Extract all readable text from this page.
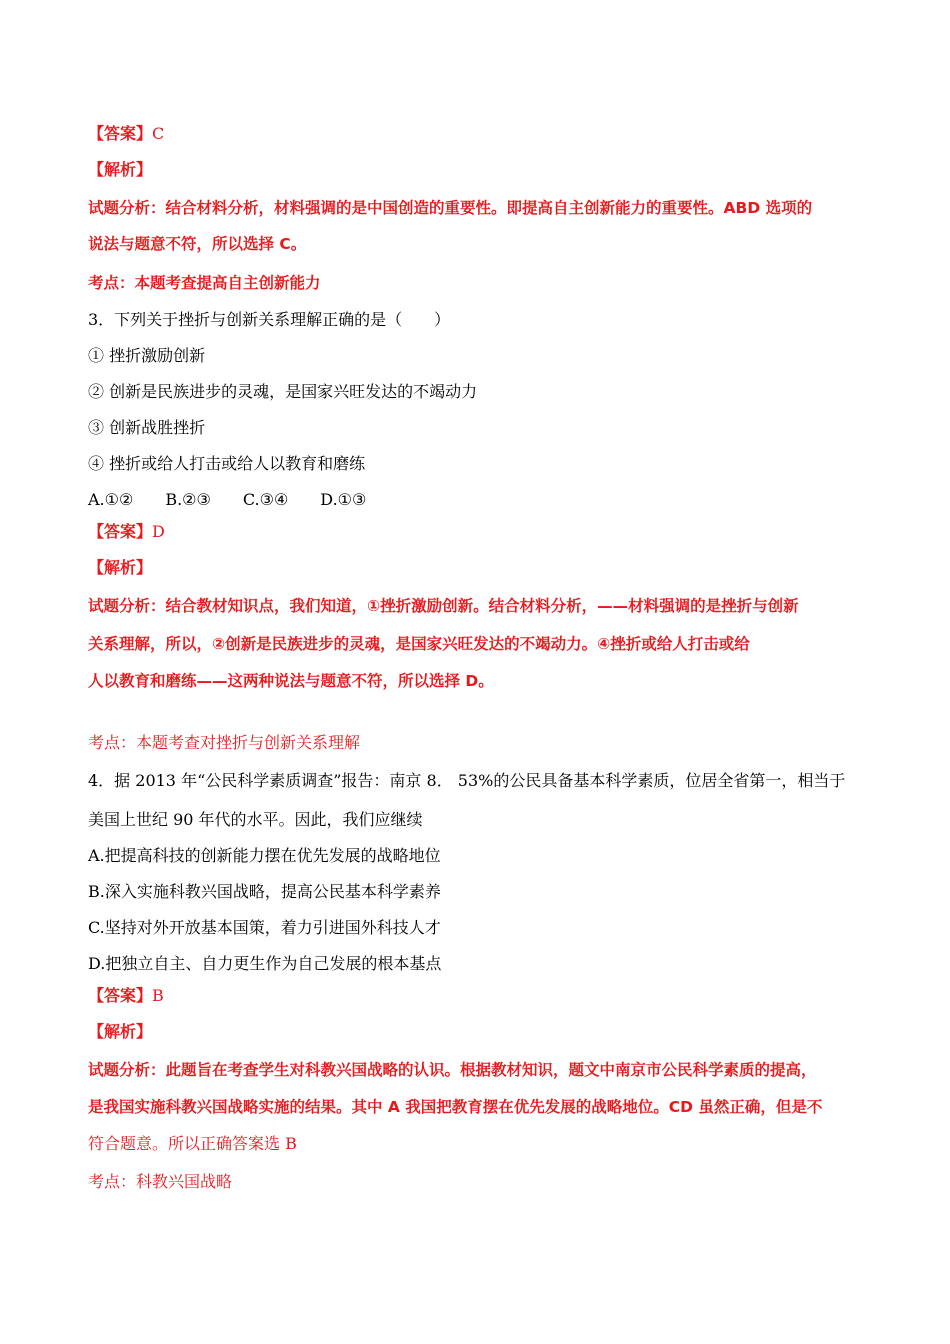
【答案】C
【解析】
试题分析：结合材料分析，材料强调的是中国创造的重要性。即提高自主创新能力的重要性。ABD 选项的
说法与题意不符，所以选择 C。
考点：本题考查提高自主创新能力
3．下列关于挫折与创新关系理解正确的是（　　）
① 挫折激励创新
② 创新是民族进步的灵魂，是国家兴旺发达的不竭动力
③ 创新战胜挫折
④ 挫折或给人打击或给人以教育和磨练
A.①②　　B.②③　　C.③④　　D.①③
【答案】D
【解析】
试题分析：结合教材知识点，我们知道，①挫折激励创新。结合材料分析，——材料强调的是挫折与创新
关系理解，所以，②创新是民族进步的灵魂，是国家兴旺发达的不竭动力。④挫折或给人打击或给
人以教育和磨练——这两种说法与题意不符，所以选择 D。
考点：本题考查对挫折与创新关系理解
4．据 2013 年“公民科学素质调查”报告：南京 8． 53%的公民具备基本科学素质，位居全省第一，相当于
美国上世纪 90 年代的水平。因此，我们应继续
A.把提高科技的创新能力摆在优先发展的战略地位
B.深入实施科教兴国战略，提高公民基本科学素养
C.坚持对外开放基本国策，着力引进国外科技人才
D.把独立自主、自力更生作为自己发展的根本基点
【答案】B
【解析】
试题分析：此题旨在考查学生对科教兴国战略的认识。根据教材知识，题文中南京市公民科学素质的提高，
是我国实施科教兴国战略实施的结果。其中 A 我国把教育摆在优先发展的战略地位。CD 虽然正确，但是不
符合题意。所以正确答案选 B
考点：科教兴国战略
